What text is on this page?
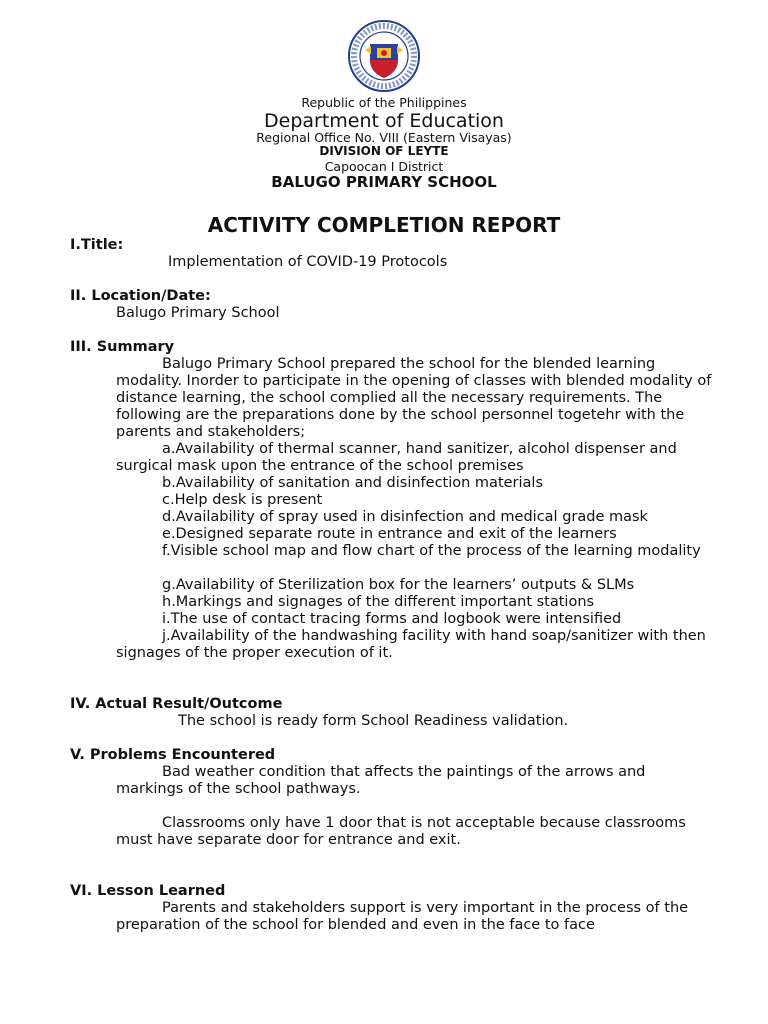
Republic of the Philippines

Department of Education

Regional Office No. VIII (Eastern Visayas)

DIVISION OF LEYTE

Capoocan I District

BALUGO PRIMARY SCHOOL

ACTIVITY COMPLETION REPORT

I.Title:

Implementation of COVID-19 Protocols

II. Location/Date:

Balugo Primary School

III. Summary

Balugo Primary School prepared the school for the blended learning modality. Inorder to participate in the opening of classes with blended modality of distance learning, the school complied all the necessary requirements. The following are the preparations done by the school personnel togetehr with the parents and stakeholders;

a.Availability of thermal scanner, hand sanitizer, alcohol dispenser and surgical mask upon the entrance of the school premises

b.Availability of sanitation and disinfection materials

c.Help desk is present

d.Availability of spray used in disinfection and medical grade mask

e.Designed separate route in entrance and exit of the learners

f.Visible school map and flow chart of the process of the learning modality

g.Availability of Sterilization box for the learners’ outputs & SLMs

h.Markings and signages of the different important stations

i.The use of contact tracing forms and logbook were intensified

j.Availability of the handwashing facility with hand soap/sanitizer with then signages of the proper execution of it.

IV. Actual Result/Outcome

The school is ready form School Readiness validation.

V. Problems Encountered

Bad weather condition that affects the paintings of the arrows and markings of the school pathways.

Classrooms only have 1 door that is not acceptable because classrooms must have separate door for entrance and exit.

VI. Lesson Learned

Parents and stakeholders support is very important in the process of the preparation of the school for blended and even in the face to face
